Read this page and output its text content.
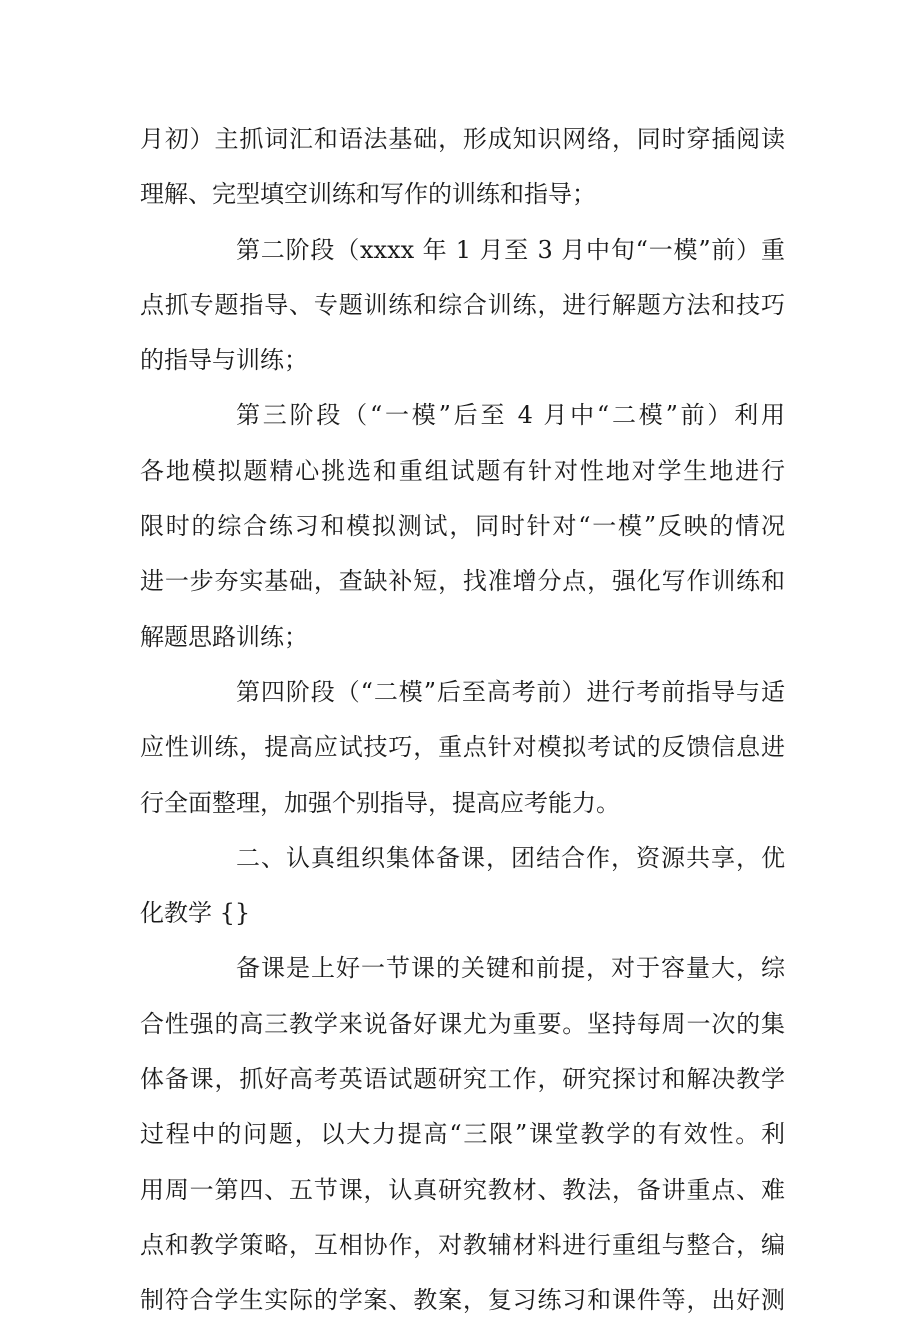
月初）主抓词汇和语法基础，形成知识网络，同时穿插阅读
理解、完型填空训练和写作的训练和指导；
第二阶段（xxxx 年 1 月至 3 月中旬“一模”前）重
点抓专题指导、专题训练和综合训练，进行解题方法和技巧
的指导与训练；
第三阶段（“一模”后至 4 月中“二模”前）利用
各地模拟题精心挑选和重组试题有针对性地对学生地进行
限时的综合练习和模拟测试，同时针对“一模”反映的情况
进一步夯实基础，查缺补短，找准增分点，强化写作训练和
解题思路训练；
第四阶段（“二模”后至高考前）进行考前指导与适
应性训练，提高应试技巧，重点针对模拟考试的反馈信息进
行全面整理，加强个别指导，提高应考能力。
二、认真组织集体备课，团结合作，资源共享，优
化教学 {}
备课是上好一节课的关键和前提，对于容量大，综
合性强的高三教学来说备好课尤为重要。坚持每周一次的集
体备课，抓好高考英语试题研究工作，研究探讨和解决教学
过程中的问题，以大力提高“三限”课堂教学的有效性。利
用周一第四、五节课，认真研究教材、教法，备讲重点、难
点和教学策略，互相协作，对教辅材料进行重组与整合，编
制符合学生实际的学案、教案，复习练习和课件等，出好测
